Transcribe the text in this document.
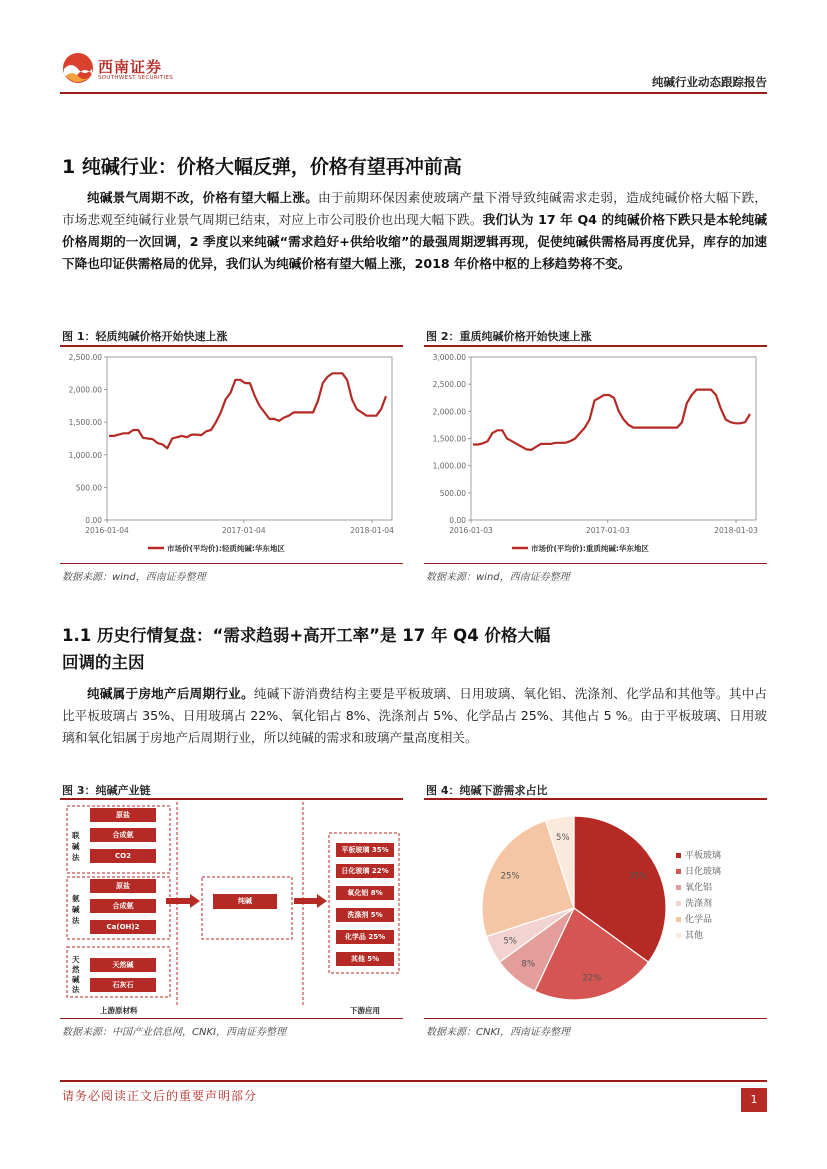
西南证券
SOUTHWEST SECURITIES	纯碱行业动态跟踪报告
1 纯碱行业：价格大幅反弹，价格有望再冲前高
纯碱景气周期不改，价格有望大幅上涨。由于前期环保因素使玻璃产量下滑导致纯碱需求走弱，造成纯碱价格大幅下跌，市场悲观至纯碱行业景气周期已结束，对应上市公司股价也出现大幅下跌。我们认为 17 年 Q4 的纯碱价格下跌只是本轮纯碱价格周期的一次回调，2 季度以来纯碱“需求趋好+供给收缩”的最强周期逻辑再现，促使纯碱供需格局再度优异，库存的加速下降也印证供需格局的优异，我们认为纯碱价格有望大幅上涨，2018 年价格中枢的上移趋势将不变。
图 1：轻质纯碱价格开始快速上涨
0.00
500.00
1,000.00
1,500.00
2,000.00
2,500.00
2016-01-04	2017-01-04	2018-01-04
市场价(平均价):轻质纯碱:华东地区
数据来源：wind，西南证券整理
图 2：重质纯碱价格开始快速上涨
0.00
500.00
1,000.00
1,500.00
2,000.00
2,500.00
3,000.00
2016-01-03	2017-01-03	2018-01-03
市场价(平均价):重质纯碱:华东地区
数据来源：wind，西南证券整理
1.1 历史行情复盘：“需求趋弱+高开工率”是 17 年 Q4 价格大幅
回调的主因
纯碱属于房地产后周期行业。纯碱下游消费结构主要是平板玻璃、日用玻璃、氧化铝、洗涤剂、化学品和其他等。其中占比平板玻璃占 35%、日用玻璃占 22%、氧化铝占 8%、洗涤剂占 5%、化学品占 25%、其他占 5 %。由于平板玻璃、日用玻璃和氧化铝属于房地产后周期行业，所以纯碱的需求和玻璃产量高度相关。
图 3：纯碱产业链
联碱法
氨碱法
天然碱法
原盐
合成氨
CO2
原盐
合成氨
Ca(OH)2
天然碱
石灰石
纯碱
平板玻璃 35%
日化玻璃 22%
氧化铝 8%
洗涤剂 5%
化学品 25%
其他 5%
上游原材料	下游应用
数据来源：中国产业信息网，CNKI，西南证券整理
图 4：纯碱下游需求占比
35%
22%
8%
5%
25%
5%
平板玻璃
日化玻璃
氧化铝
洗涤剂
化学品
其他
数据来源：CNKI，西南证券整理
请务必阅读正文后的重要声明部分	1
